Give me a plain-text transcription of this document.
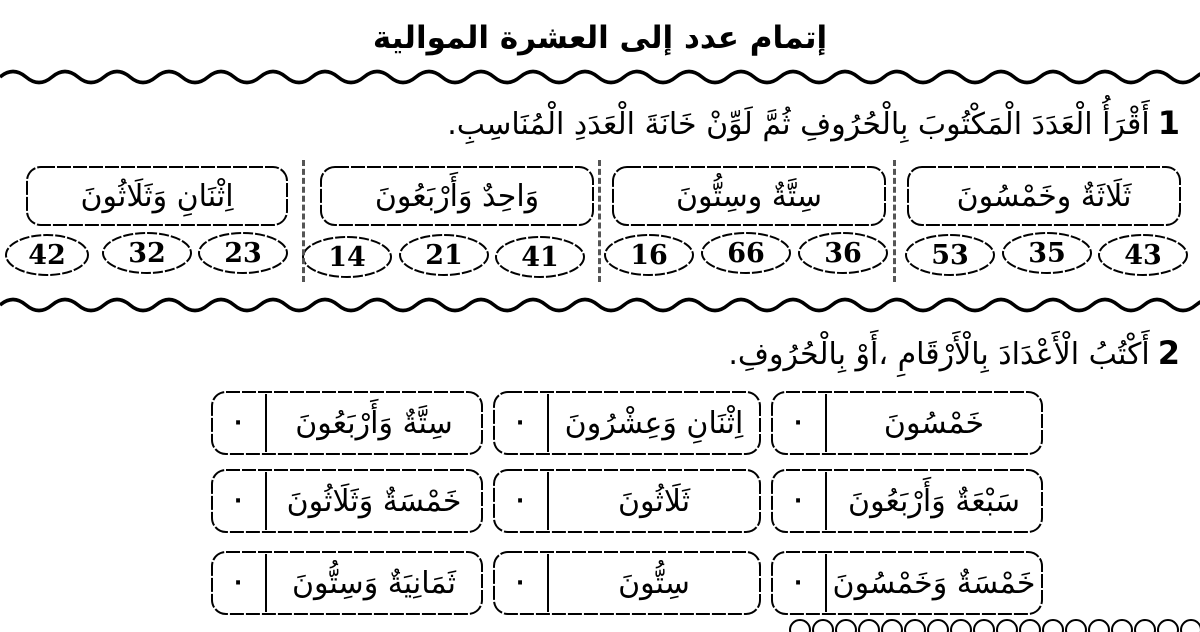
إتمام عدد إلى العشرة الموالية
1أَقْرَأُ الْعَدَدَ الْمَكْتُوبَ بِالْحُرُوفِ ثُمَّ لَوِّنْ خَانَةَ الْعَدَدِ الْمُنَاسِبِ.
ثَلَاثَةٌ وخَمْسُونَ
43
35
53
سِتَّةٌ وسِتُّونَ
36
66
16
وَاحِدٌ وَأَرْبَعُونَ
41
21
14
اِثْنَانِ وَثَلَاثُونَ
23
32
42
2أَكْتُبُ الْأَعْدَادَ بِالْأَرْقَامِ ،أَوْ بِالْحُرُوفِ.
·	خَمْسُونَ
·	اِثْنَانِ وَعِشْرُونَ
·	سِتَّةٌ وَأَرْبَعُونَ
·	سَبْعَةٌ وَأَرْبَعُونَ
·	ثَلَاثُونَ
·	خَمْسَةٌ وَثَلَاثُونَ
·	خَمْسَةٌ وَخَمْسُونَ
·	سِتُّونَ
·	ثَمَانِيَةٌ وَسِتُّونَ
